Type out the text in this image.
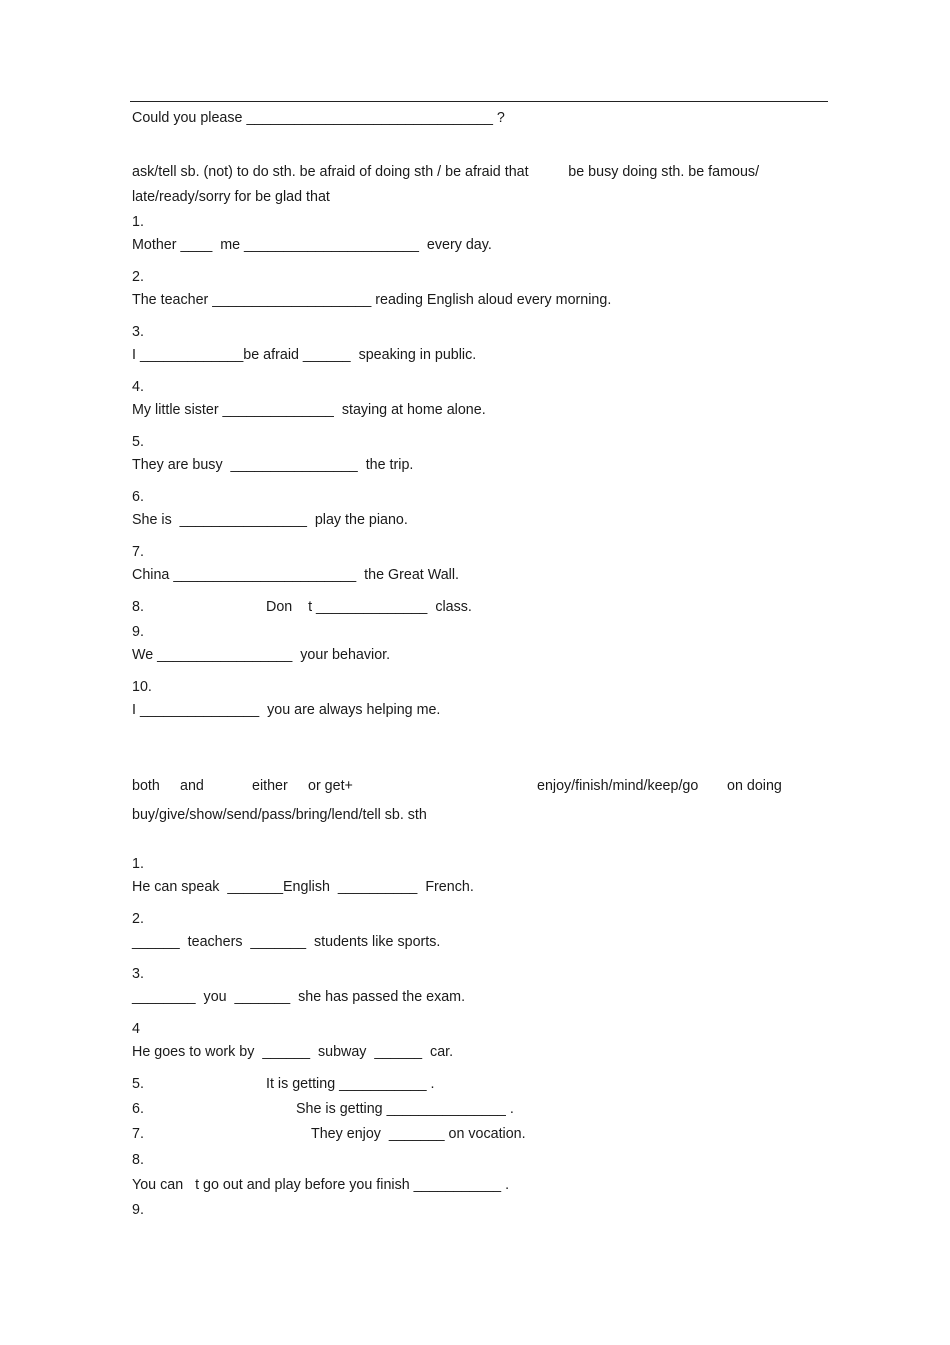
Could you please _______________________________ ?
ask/tell sb. (not) to do sth. be afraid of doing sth / be afraid that          be busy doing sth. be famous/
late/ready/sorry for be glad that
1.
Mother ____  me ______________________  every day.
2.
The teacher ____________________ reading English aloud every morning.
3.
I _____________be afraid ______  speaking in public.
4.
My little sister ______________  staying at home alone.
5.
They are busy  ________________  the trip.
6.
She is  ________________  play the piano.
7.
China _______________________  the Great Wall.
8.	Don    t ______________  class.
9.
We _________________  your behavior.
10.
I _______________  you are always helping me.
both and	either or get+	enjoy/finish/mind/keep/go on doing
buy/give/show/send/pass/bring/lend/tell sb. sth
1.
He can speak  _______English  __________  French.
2.
______  teachers  _______  students like sports.
3.
________  you  _______  she has passed the exam.
4
He goes to work by  ______  subway  ______  car.
5.	It is getting ___________ .
6.	She is getting _______________ .
7.	They enjoy  _______ on vocation.
8.
You can   t go out and play before you finish ___________ .
9.
